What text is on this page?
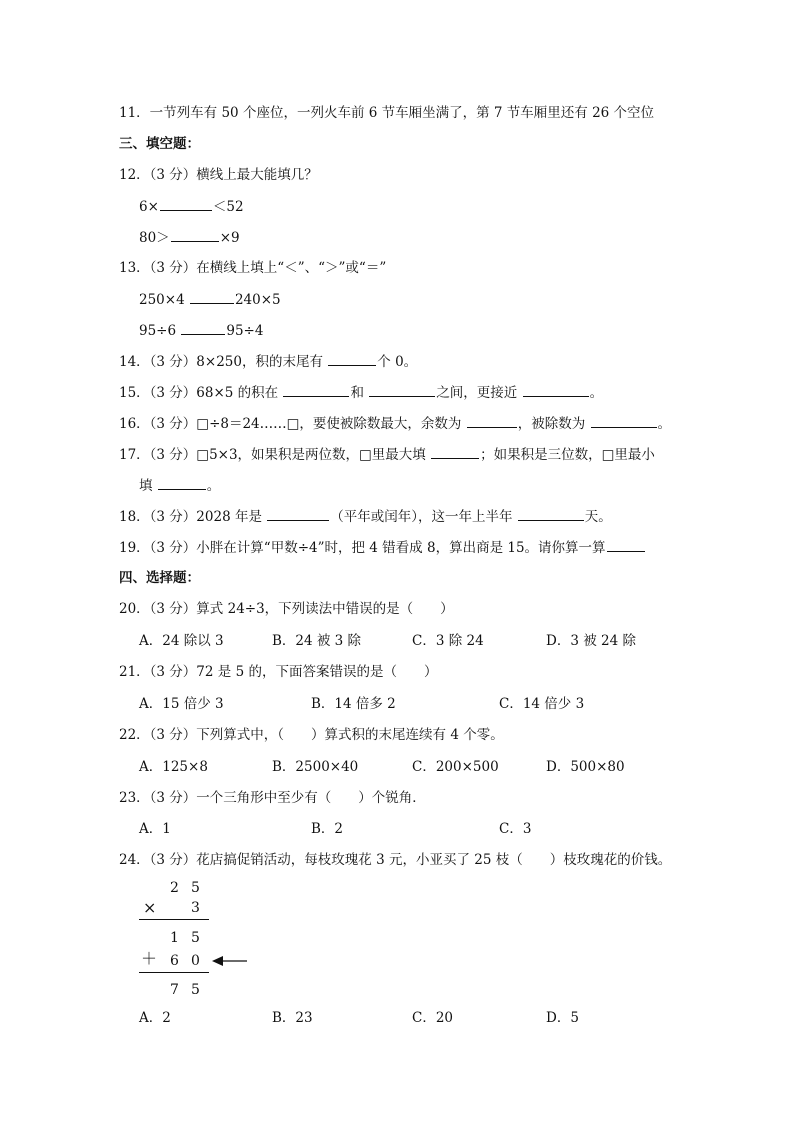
11．一节列车有 50 个座位，一列火车前 6 节车厢坐满了，第 7 节车厢里还有 26 个空位
三、填空题：
12．（3 分）横线上最大能填几？
6×	＜52
80＞	×9
13．（3 分）在横线上填上“＜”、“＞”或“＝”
250×4	240×5
95÷6	95÷4
14．（3 分）8×250，积的末尾有	个 0。
15．（3 分）68×5 的积在	和	之间，更接近	。
16．（3 分）□÷8＝24……□，要使被除数最大，余数为	，被除数为	。
17．（3 分）□5×3，如果积是两位数，□里最大填	；如果积是三位数，□里最小
填	。
18．（3 分）2028 年是	（平年或闰年），这一年上半年	天。
19．（3 分）小胖在计算“甲数÷4”时，把 4 错看成 8，算出商是 15。请你算一算
四、选择题：
20．（3 分）算式 24÷3，下列读法中错误的是（　　）
A．24 除以 3	B．24 被 3 除	C．3 除 24	D．3 被 24 除
21．（3 分）72 是 5 的，下面答案错误的是（　　）
A．15 倍少 3	B．14 倍多 2	C．14 倍少 3
22．（3 分）下列算式中，（　　）算式积的末尾连续有 4 个零。
A．125×8	B．2500×40	C．200×500	D．500×80
23．（3 分）一个三角形中至少有（　　）个锐角．
A．1	B．2	C．3
24．（3 分）花店搞促销活动，每枝玫瑰花 3 元，小亚买了 25 枝（　　）枝玫瑰花的价钱。
2 5
× 3
1 5
＋ 6 0
7 5
A．2	B．23	C．20	D．5
